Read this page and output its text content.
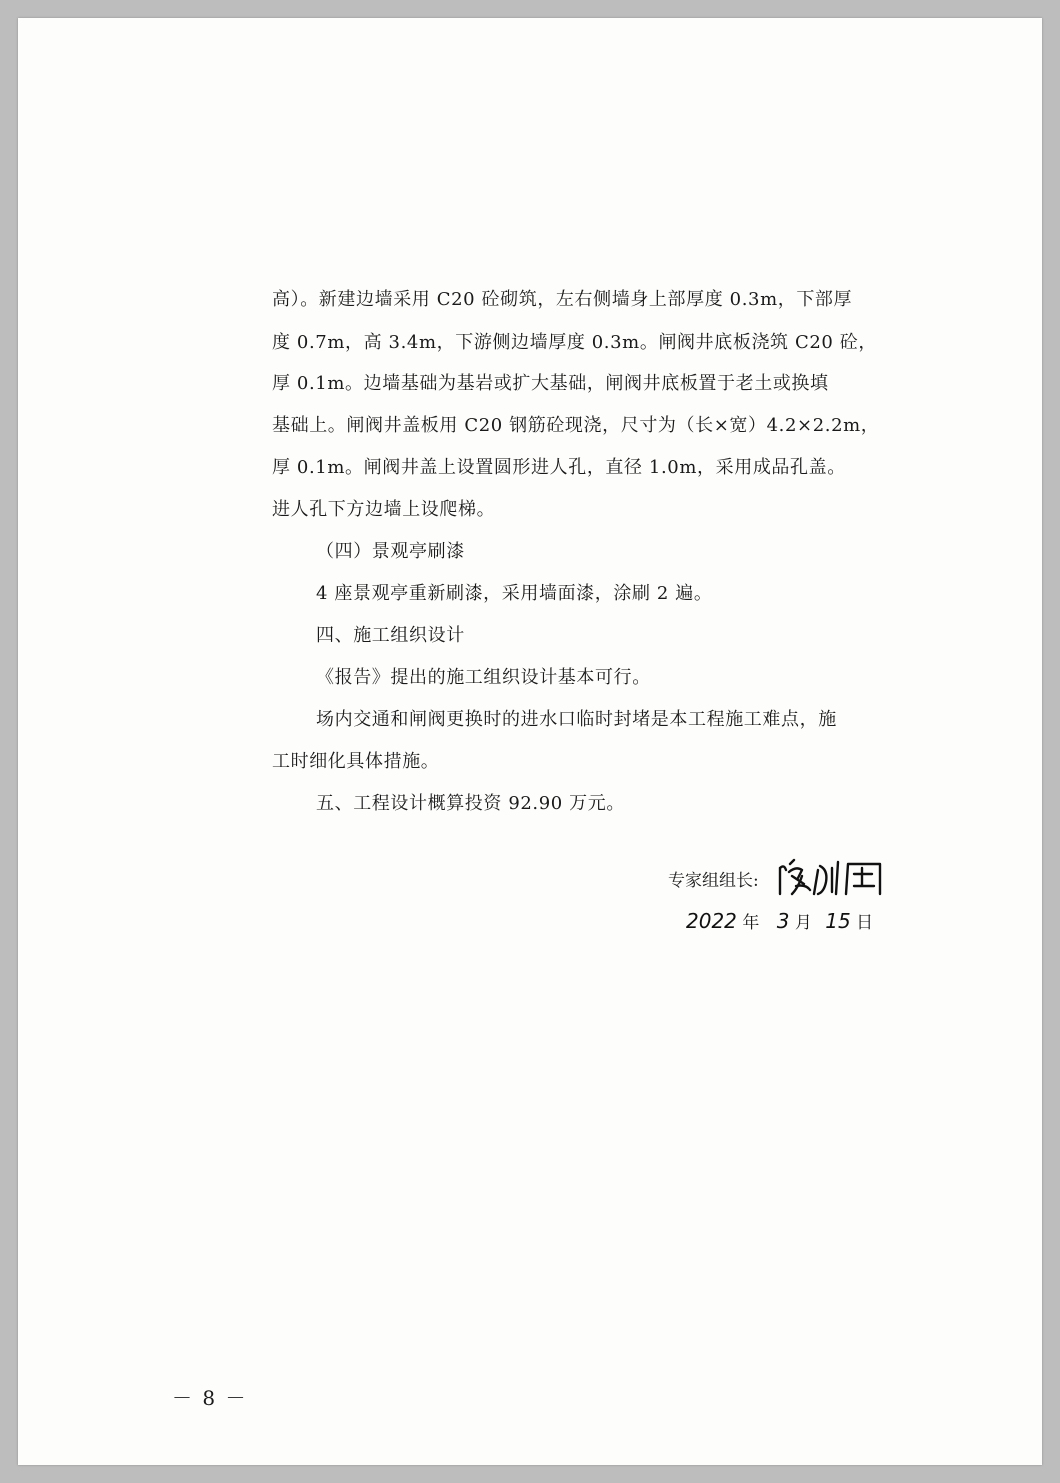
高）。新建边墙采用 C20 砼砌筑，左右侧墙身上部厚度 0.3m，下部厚
度 0.7m，高 3.4m，下游侧边墙厚度 0.3m。闸阀井底板浇筑 C20 砼，
厚 0.1m。边墙基础为基岩或扩大基础，闸阀井底板置于老土或换填
基础上。闸阀井盖板用 C20 钢筋砼现浇，尺寸为（长×宽）4.2×2.2m，
厚 0.1m。闸阀井盖上设置圆形进人孔，直径 1.0m，采用成品孔盖。
进人孔下方边墙上设爬梯。
（四）景观亭刷漆
4 座景观亭重新刷漆，采用墙面漆，涂刷 2 遍。
四、施工组织设计
《报告》提出的施工组织设计基本可行。
场内交通和闸阀更换时的进水口临时封堵是本工程施工难点，施
工时细化具体措施。
五、工程设计概算投资 92.90 万元。
专家组组长:
2022 年 3 月 15 日
－ 8 －
